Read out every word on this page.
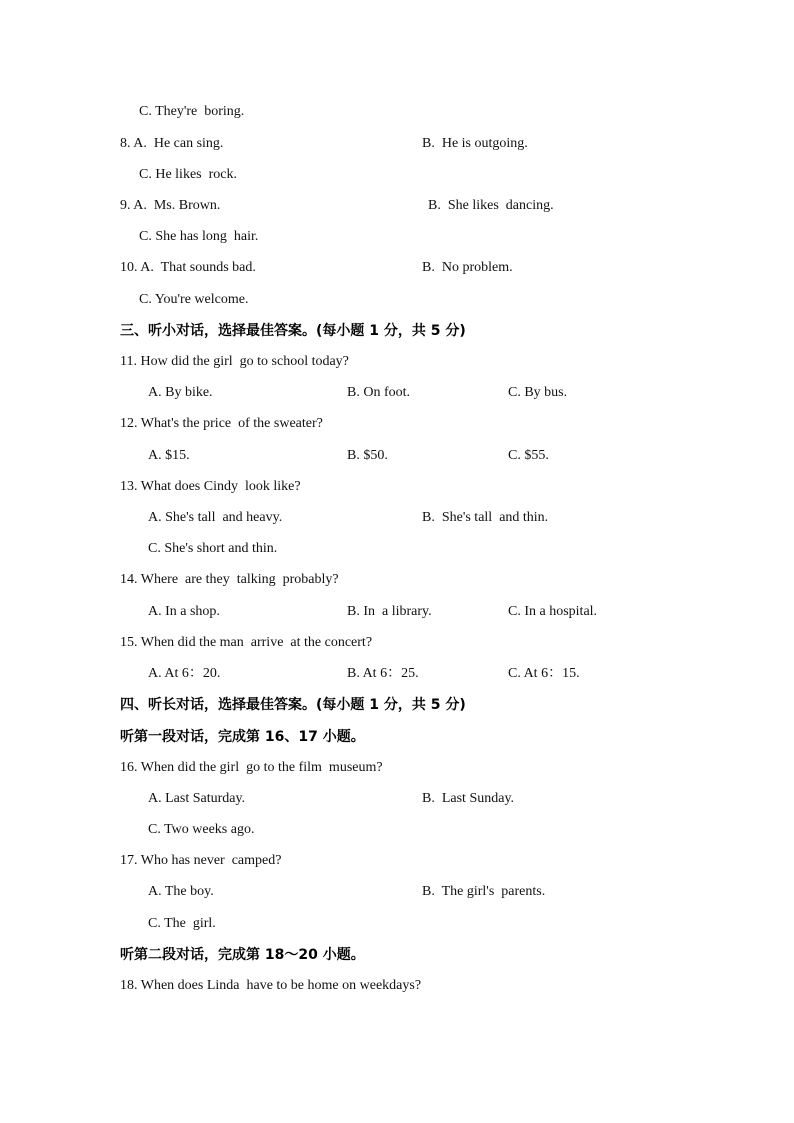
C. They're  boring.
8. A.  He can sing.	B.  He is outgoing.
C. He likes  rock.
9. A.  Ms. Brown.	B.  She likes  dancing.
C. She has long  hair.
10. A.  That sounds bad.	B.  No problem.
C. You're welcome.
三、听小对话，选择最佳答案。(每小题 1 分，共 5 分)
11. How did the girl  go to school today?
A. By bike.	B. On foot.	C. By bus.
12. What's the price  of the sweater?
A. $15.	B. $50.	C. $55.
13. What does Cindy  look like?
A. She's tall  and heavy.	B.  She's tall  and thin.
C. She's short and thin.
14. Where  are they  talking  probably?
A. In a shop.	B. In  a library.	C. In a hospital.
15. When did the man  arrive  at the concert?
A. At 6：20.	B. At 6：25.	C. At 6：15.
四、听长对话，选择最佳答案。(每小题 1 分，共 5 分)
听第一段对话，完成第 16、17 小题。
16. When did the girl  go to the film  museum?
A. Last Saturday.	B.  Last Sunday.
C. Two weeks ago.
17. Who has never  camped?
A. The boy.	B.  The girl's  parents.
C. The  girl.
听第二段对话，完成第 18～20 小题。
18. When does Linda  have to be home on weekdays?
